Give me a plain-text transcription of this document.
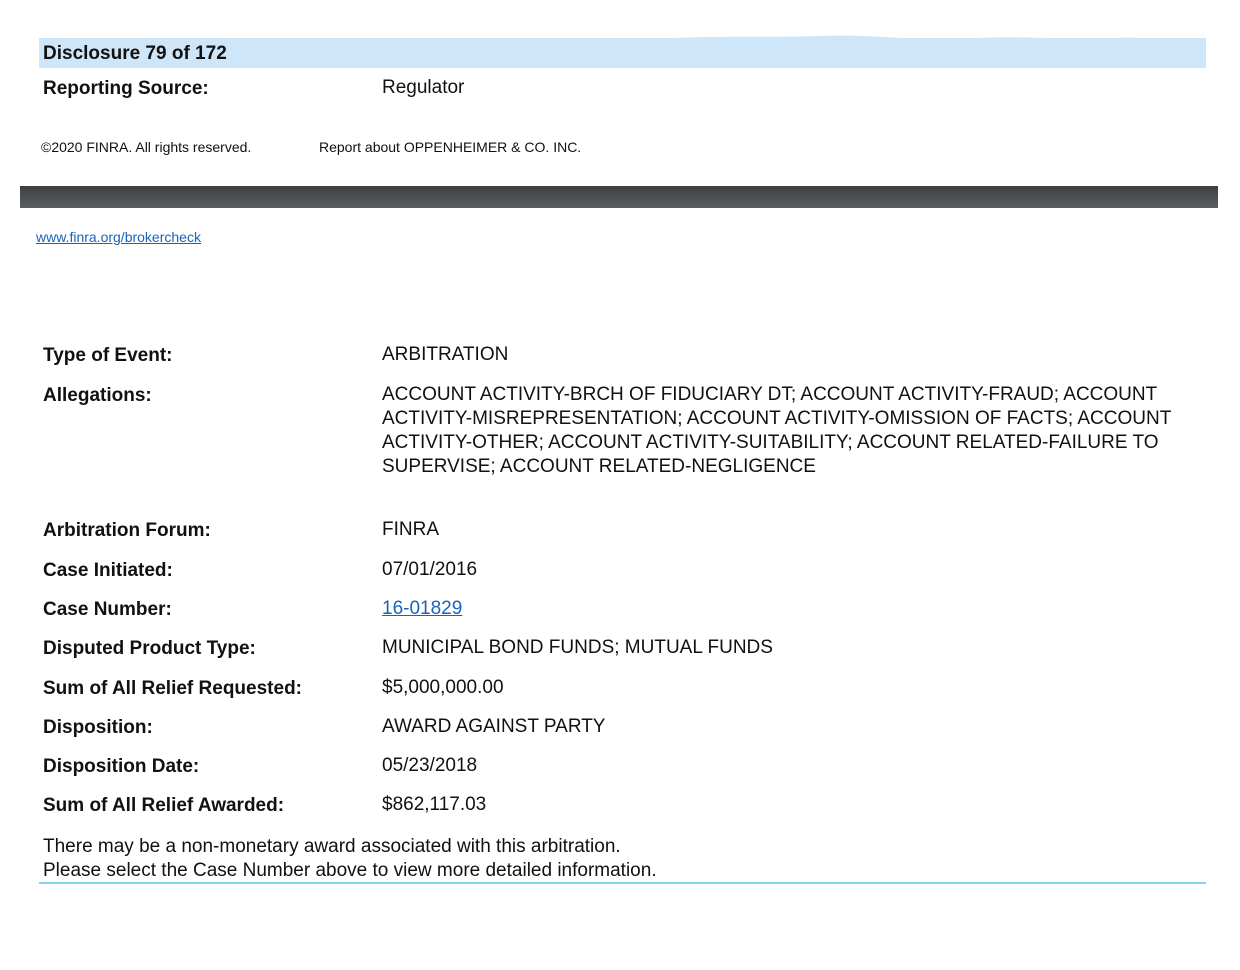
Disclosure 79 of 172
Reporting Source:	Regulator
©2020 FINRA. All rights reserved.	Report about OPPENHEIMER & CO. INC.
www.finra.org/brokercheck
Type of Event:	ARBITRATION
Allegations:	ACCOUNT ACTIVITY-BRCH OF FIDUCIARY DT; ACCOUNT ACTIVITY-FRAUD; ACCOUNT ACTIVITY-MISREPRESENTATION; ACCOUNT ACTIVITY-OMISSION OF FACTS; ACCOUNT ACTIVITY-OTHER; ACCOUNT ACTIVITY-SUITABILITY; ACCOUNT RELATED-FAILURE TO SUPERVISE; ACCOUNT RELATED-NEGLIGENCE
Arbitration Forum:	FINRA
Case Initiated:	07/01/2016
Case Number:	16-01829
Disputed Product Type:	MUNICIPAL BOND FUNDS; MUTUAL FUNDS
Sum of All Relief Requested:	$5,000,000.00
Disposition:	AWARD AGAINST PARTY
Disposition Date:	05/23/2018
Sum of All Relief Awarded:	$862,117.03
There may be a non-monetary award associated with this arbitration.
Please select the Case Number above to view more detailed information.
